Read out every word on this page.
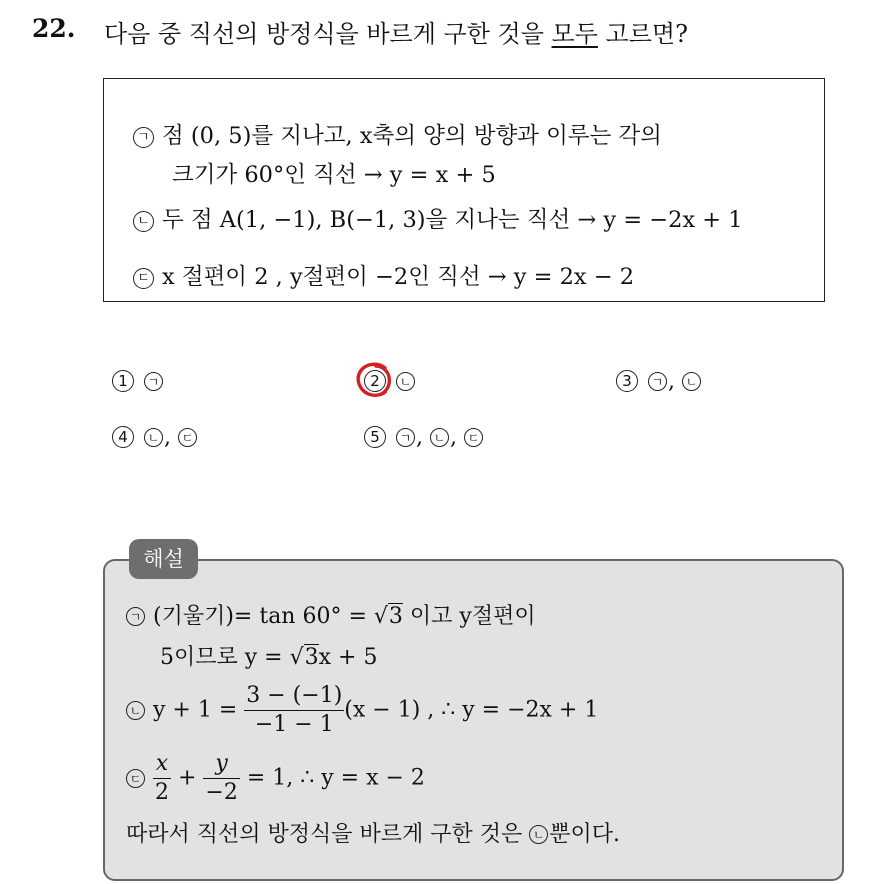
22. 다음 중 직선의 방정식을 바르게 구한 것을 모두 고르면?
ㄱ 점 (0, 5)를 지나고, x축의 양의 방향과 이루는 각의
크기가 60°인 직선 → y = x + 5
ㄴ 두 점 A(1, −1), B(−1, 3)을 지나는 직선 → y = −2x + 1
ㄷ x 절편이 2 , y절편이 −2인 직선 → y = 2x − 2
1 ㄱ	2 ㄴ	3 ㄱ , ㄴ
4 ㄴ , ㄷ	5 ㄱ , ㄴ , ㄷ
해설
ㄱ (기울기)= tan 60° = √3 이고 y절편이
5이므로 y = √3x + 5
ㄴ $y + 1 = \frac{3 - (-1)}{-1 - 1} (x - 1)$ , ∴ y = −2x + 1
ㄷ $\frac{x}{2} + \frac{y}{-2} = 1$, ∴ y = x − 2
따라서 직선의 방정식을 바르게 구한 것은 ㄴ 뿐이다.
